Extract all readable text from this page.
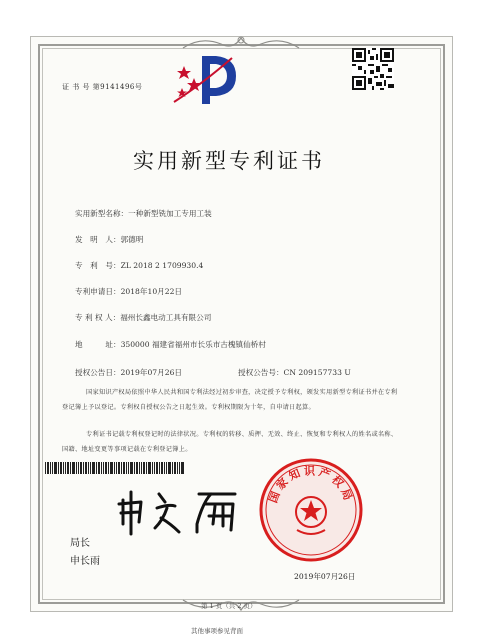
证 书 号 第9141496号
实用新型专利证书
实用新型名称：一种新型铣加工专用工装
发　明　人：郭德明
专　利　号：ZL 2018 2 1709930.4
专利申请日：2018年10月22日
专 利 权 人：福州长鑫电动工具有限公司
地　　　址：350000 福建省福州市长乐市古槐镇仙桥村
授权公告日：2019年07月26日	授权公告号：CN 209157733 U
国家知识产权局依照中华人民共和国专利法经过初步审查，决定授予专利权，颁发实用新型专利证书并在专利登记簿上予以登记。专利权自授权公告之日起生效。专利权期限为十年，自申请日起算。
专利证书记载专利权登记时的法律状况。专利权的转移、质押、无效、终止、恢复和专利权人的姓名或名称、国籍、地址变更等事项记载在专利登记簿上。
局长
申长雨
国家知识产权局
2019年07月26日
第 1 页（共 2 页）
其他事项参见背面
